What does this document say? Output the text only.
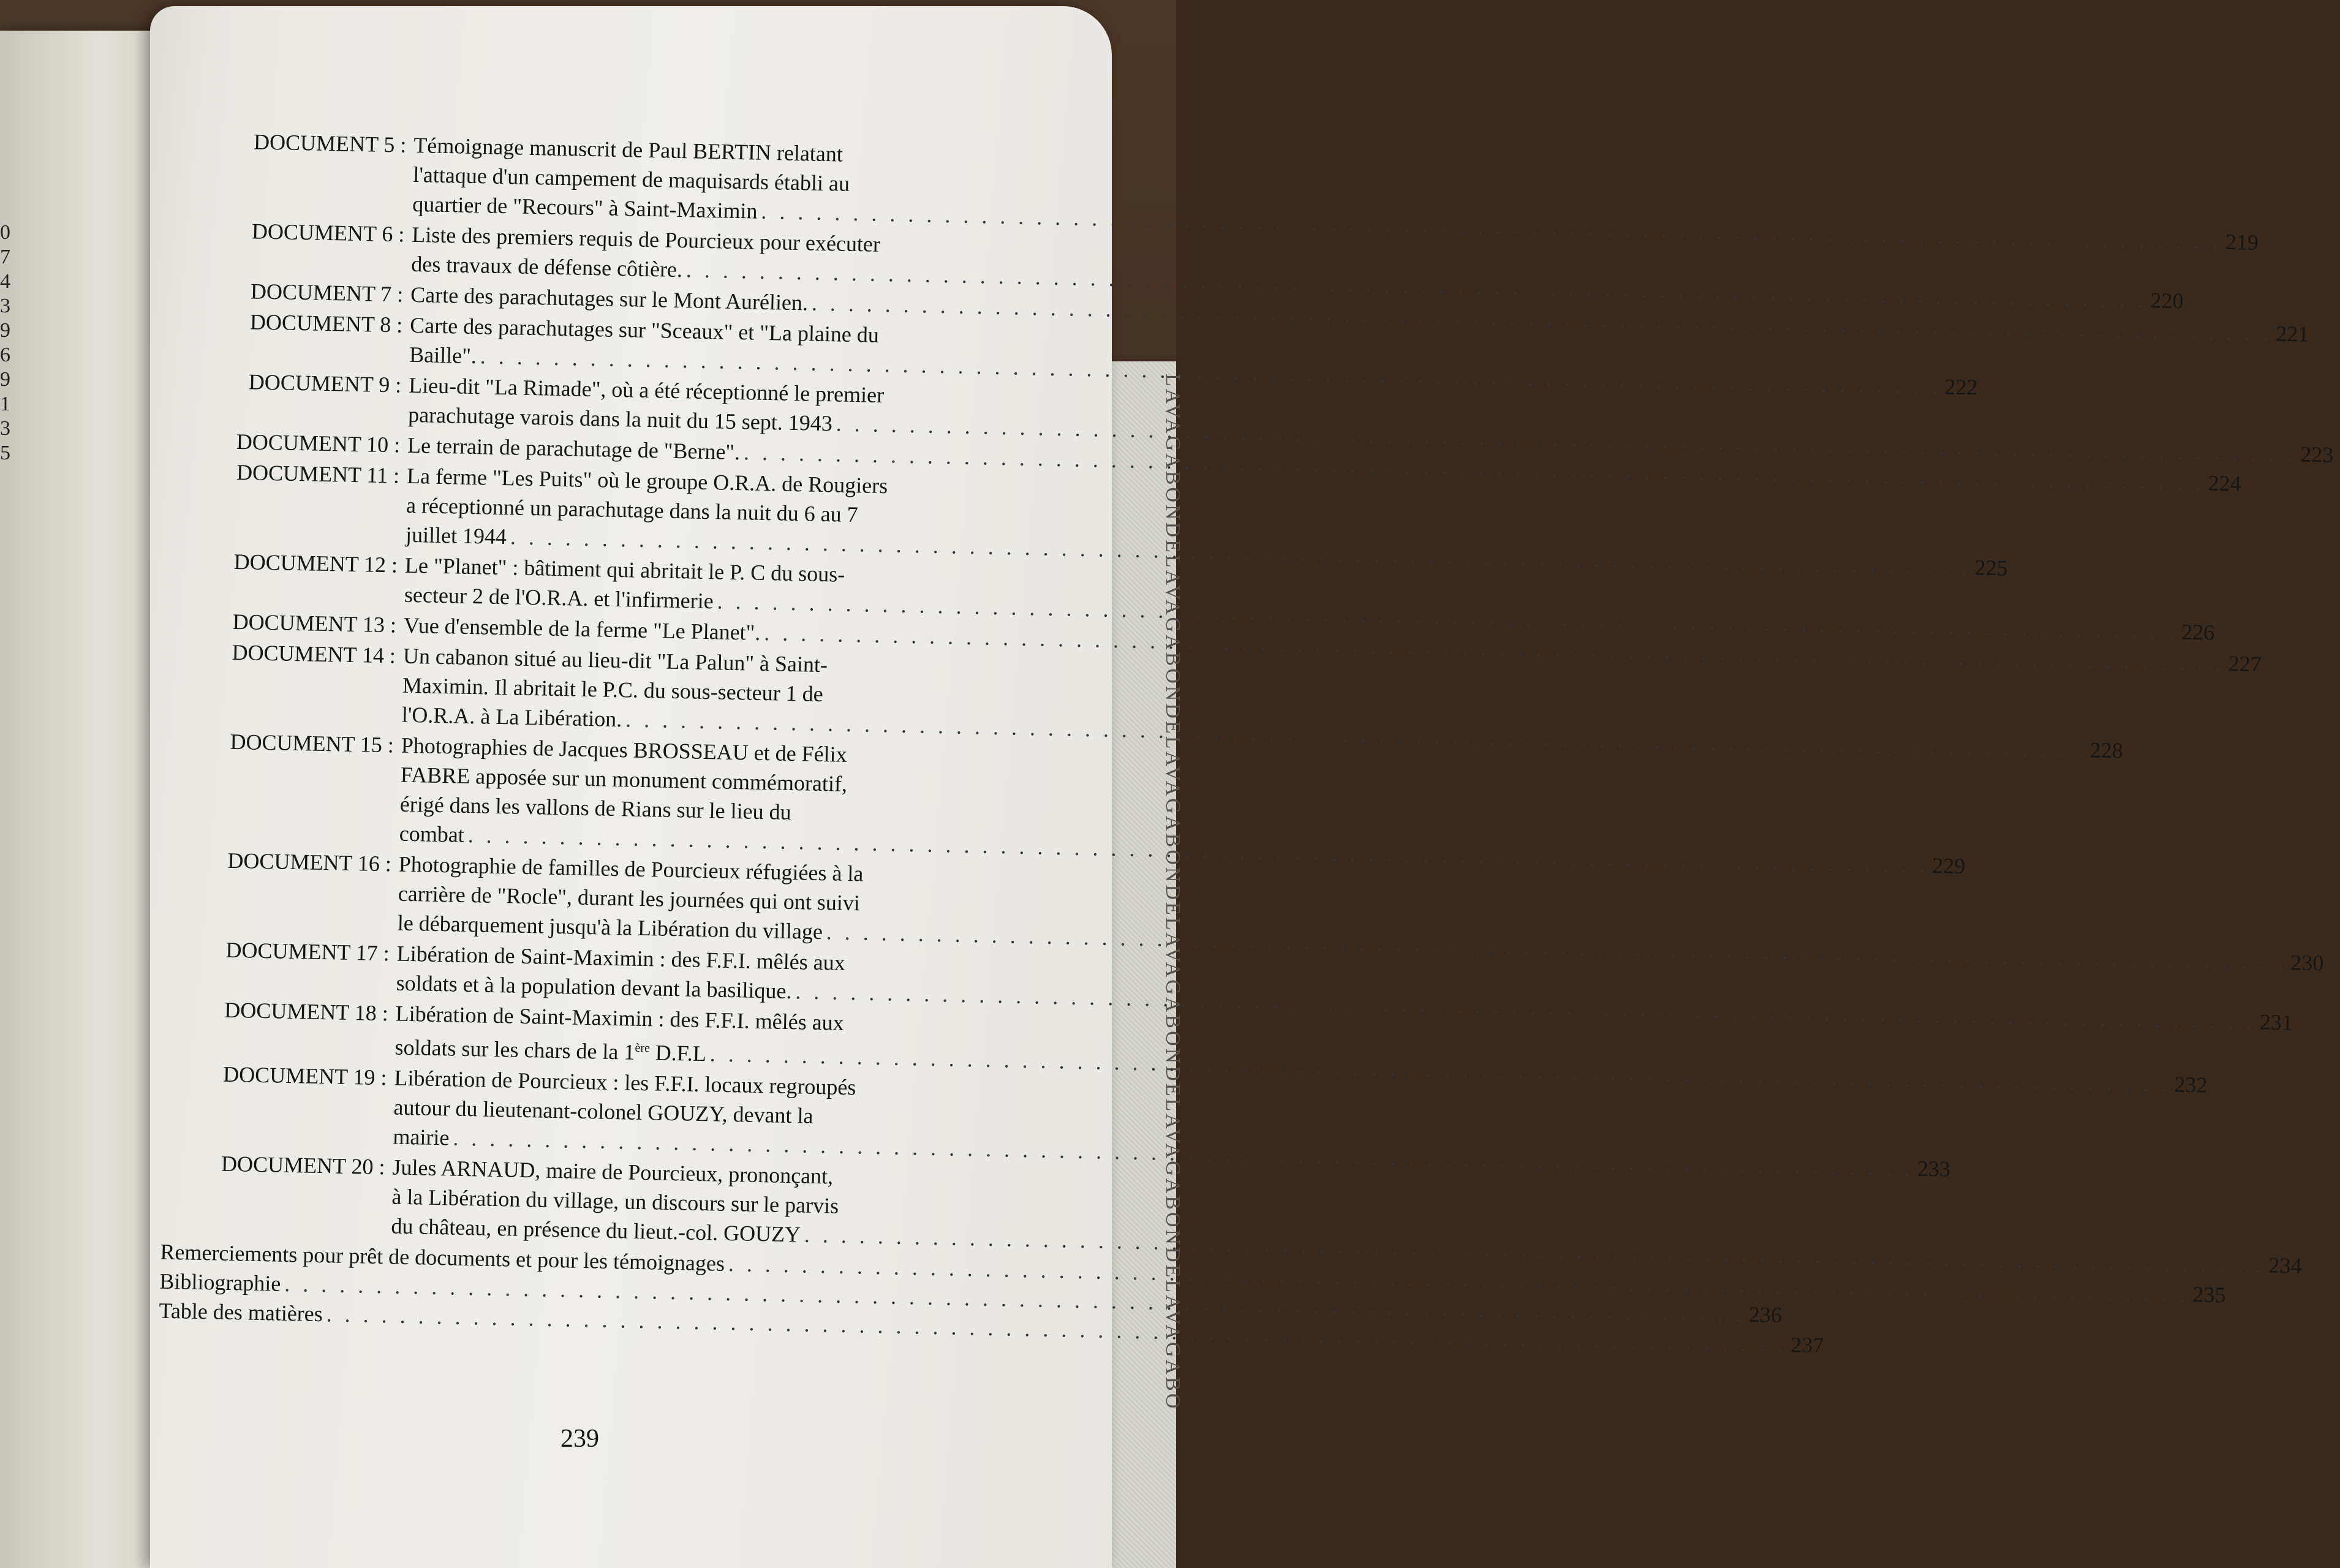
0
7
4
3
9
6
9
1
3
5	LAVAGABONDELAVAGABONDELAVAGABONDELAVAGABONDELAVAGABONDELAVAGABO
DOCUMENT 5 : Témoignage manuscrit de Paul BERTIN relatant
l'attaque d'un campement de maquisards établi au
quartier de "Recours" à Saint-Maximin
. . .
219
DOCUMENT 6 : Liste des premiers requis de Pourcieux pour exécuter
des travaux de défense côtière.
. . .
220
DOCUMENT 7 : Carte des parachutages sur le Mont Aurélien.
. . .
221
DOCUMENT 8 : Carte des parachutages sur "Sceaux" et "La plaine du
Baille".
. . .
222
DOCUMENT 9 : Lieu-dit "La Rimade", où a été réceptionné le premier
parachutage varois dans la nuit du 15 sept. 1943
. . .
223
DOCUMENT 10 : Le terrain de parachutage de "Berne".
. . .
224
DOCUMENT 11 : La ferme "Les Puits" où le groupe O.R.A. de Rougiers
a réceptionné un parachutage dans la nuit du 6 au 7
juillet 1944
. . .
225
DOCUMENT 12 : Le "Planet" : bâtiment qui abritait le P. C du sous-
secteur 2 de l'O.R.A. et l'infirmerie
. . .
226
DOCUMENT 13 : Vue d'ensemble de la ferme "Le Planet".
. . .
227
DOCUMENT 14 : Un cabanon situé au lieu-dit "La Palun" à Saint-
Maximin. Il abritait le P.C. du sous-secteur 1 de
l'O.R.A. à La Libération.
. . .
228
DOCUMENT 15 : Photographies de Jacques BROSSEAU et de Félix
FABRE apposée sur un monument commémoratif,
érigé dans les vallons de Rians sur le lieu du
combat
. . .
229
DOCUMENT 16 : Photographie de familles de Pourcieux réfugiées à la
carrière de "Rocle", durant les journées qui ont suivi
le débarquement jusqu'à la Libération du village
. . .
230
DOCUMENT 17 : Libération de Saint-Maximin : des F.F.I. mêlés aux
soldats et à la population devant la basilique.
. . .
231
DOCUMENT 18 : Libération de Saint-Maximin : des F.F.I. mêlés aux
soldats sur les chars de la 1ère D.F.L
. . .
232
DOCUMENT 19 : Libération de Pourcieux : les F.F.I. locaux regroupés
autour du lieutenant-colonel GOUZY, devant la
mairie
. . .
233
DOCUMENT 20 : Jules ARNAUD, maire de Pourcieux, prononçant,
à la Libération du village, un discours sur le parvis
du château, en présence du lieut.-col. GOUZY
. . .
234
Remerciements pour prêt de documents et pour les témoignages
. . .
235
Bibliographie
. . .
236
Table des matières
. . .
237
239
